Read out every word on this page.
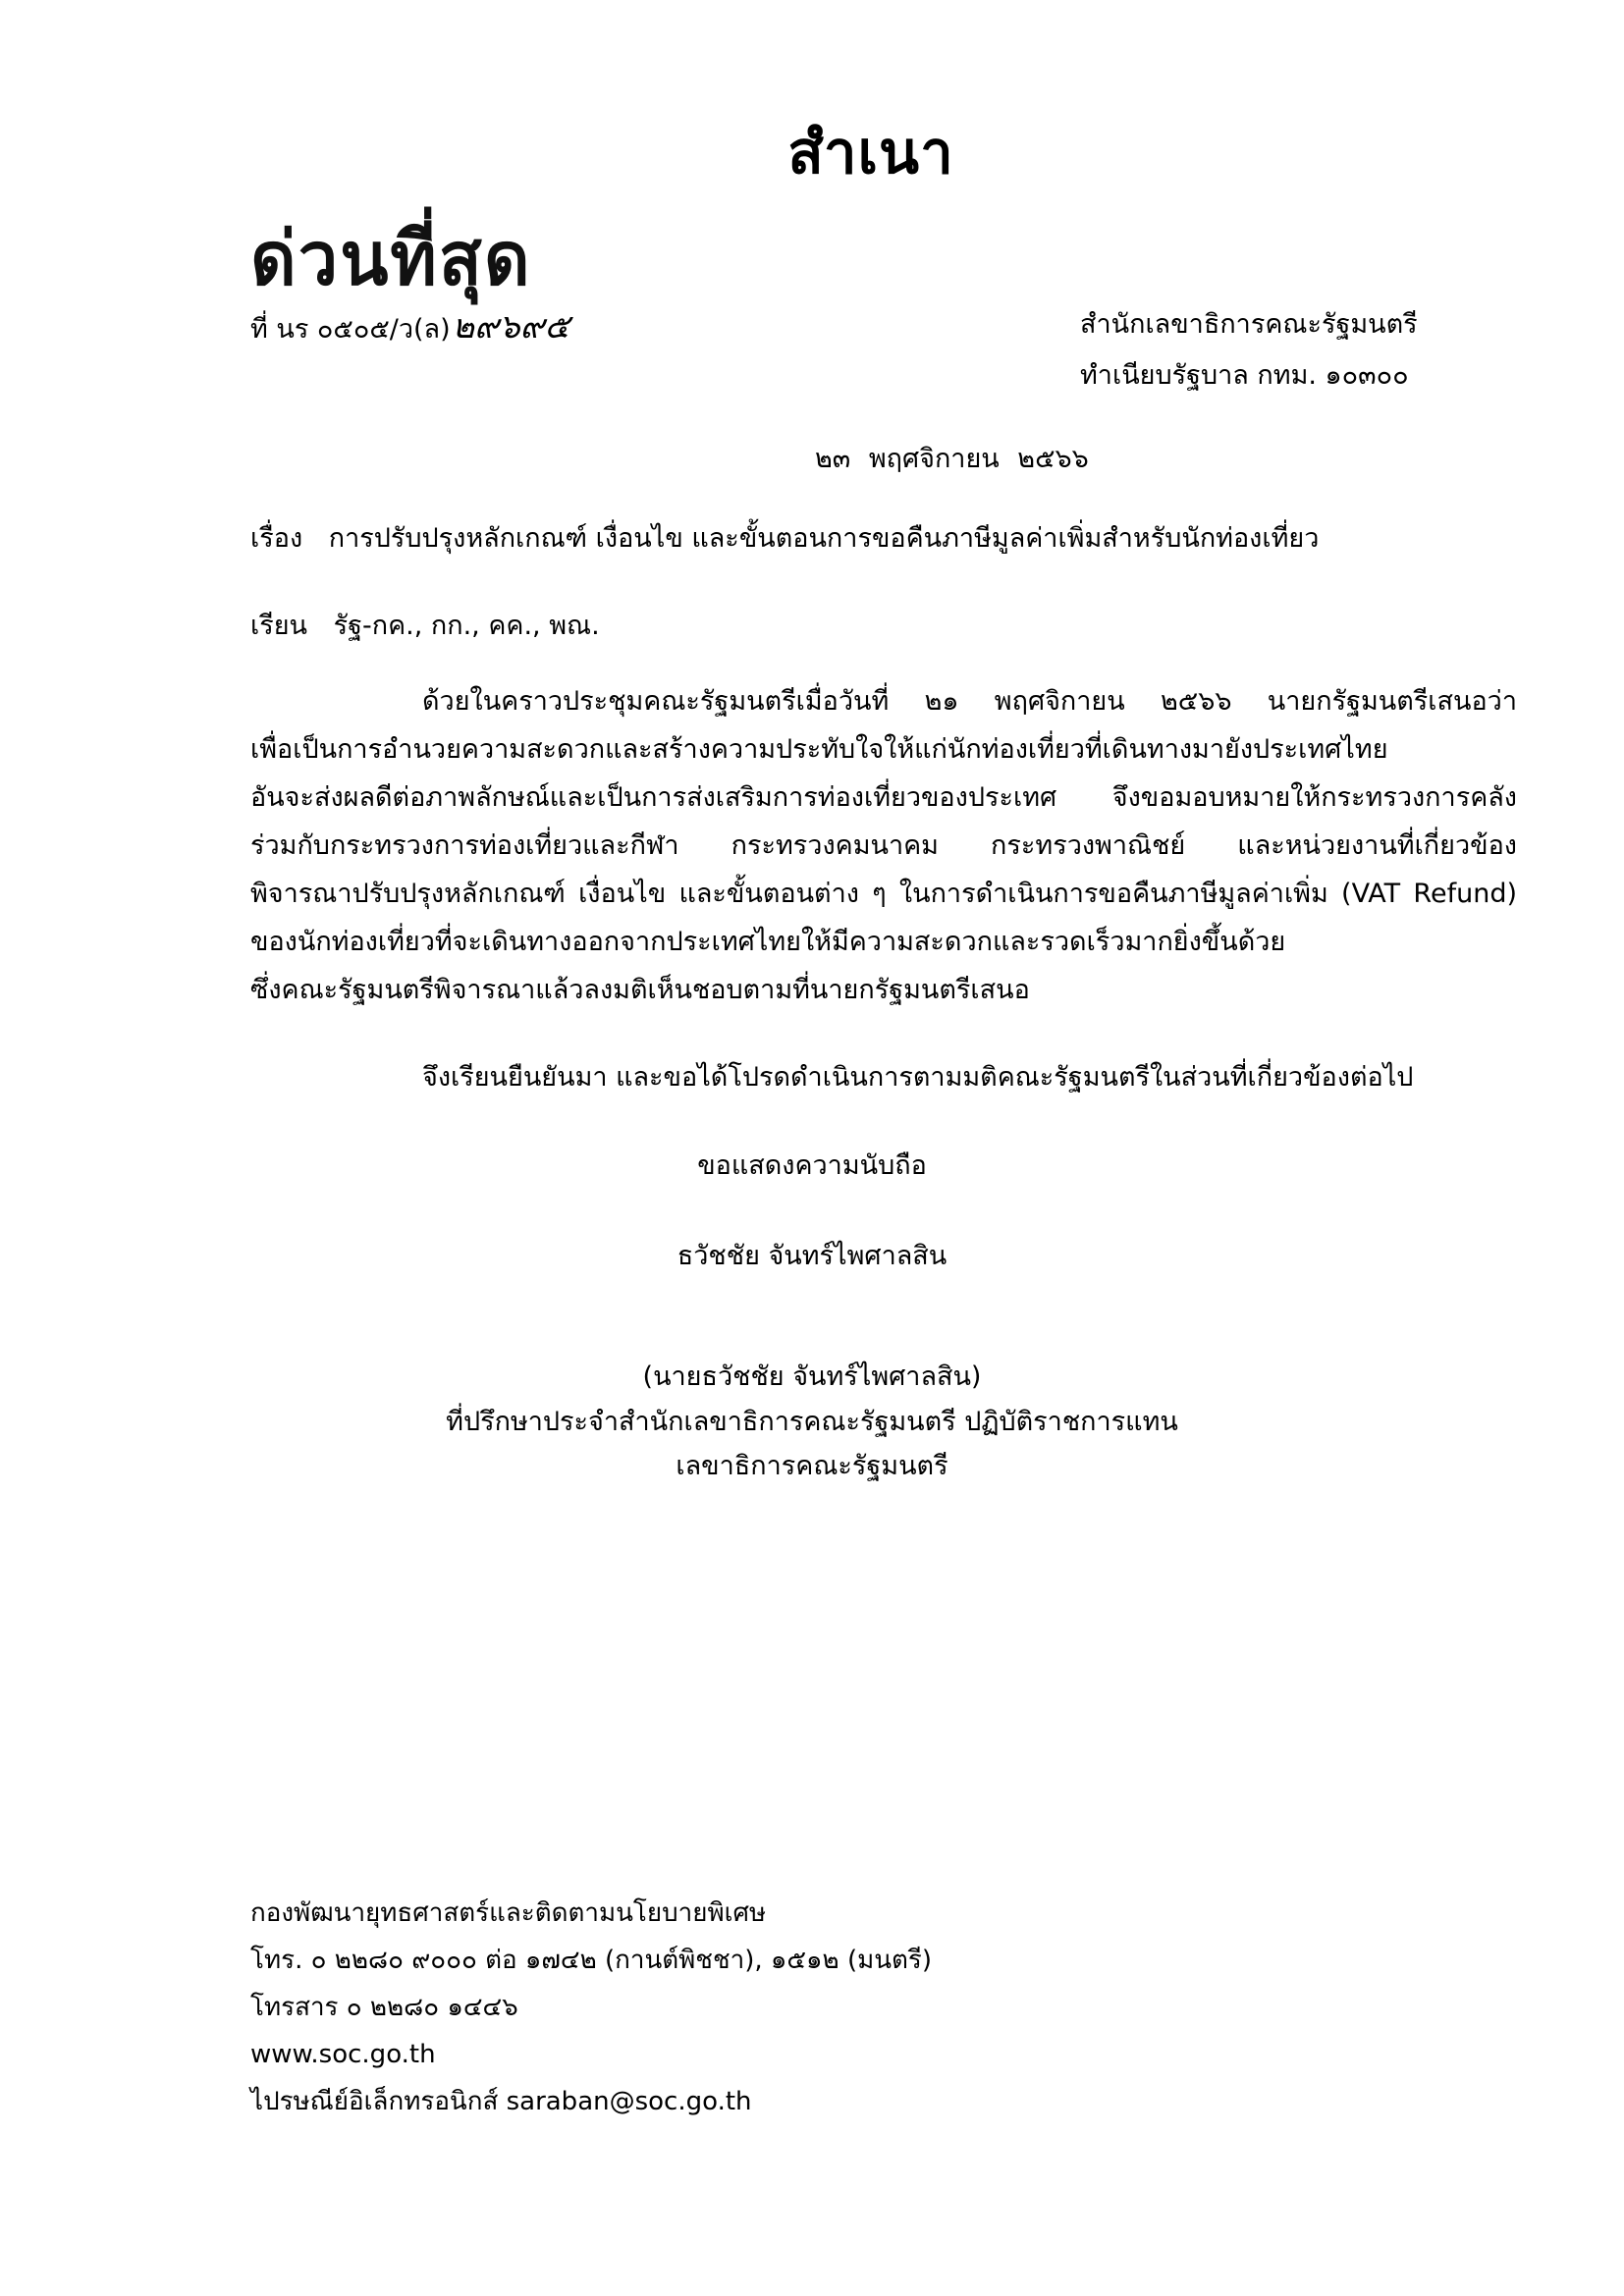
สำเนา
ด่วนที่สุด
ที่ นร ๐๕๐๕/ว(ล)๒๙๖๙๕	สำนักเลขาธิการคณะรัฐมนตรี
ทำเนียบรัฐบาล กทม. ๑๐๓๐๐
๒๓ พฤศจิกายน ๒๕๖๖
เรื่อง การปรับปรุงหลักเกณฑ์ เงื่อนไข และขั้นตอนการขอคืนภาษีมูลค่าเพิ่มสำหรับนักท่องเที่ยว
เรียน รัฐ-กค., กก., คค., พณ.
ด้วยในคราวประชุมคณะรัฐมนตรีเมื่อวันที่ ๒๑ พฤศจิกายน ๒๕๖๖ นายกรัฐมนตรีเสนอว่า
เพื่อเป็นการอำนวยความสะดวกและสร้างความประทับใจให้แก่นักท่องเที่ยวที่เดินทางมายังประเทศไทย
อันจะส่งผลดีต่อภาพลักษณ์และเป็นการส่งเสริมการท่องเที่ยวของประเทศ จึงขอมอบหมายให้กระทรวงการคลัง
ร่วมกับกระทรวงการท่องเที่ยวและกีฬา กระทรวงคมนาคม กระทรวงพาณิชย์ และหน่วยงานที่เกี่ยวข้อง
พิจารณาปรับปรุงหลักเกณฑ์ เงื่อนไข และขั้นตอนต่าง ๆ ในการดำเนินการขอคืนภาษีมูลค่าเพิ่ม (VAT Refund)
ของนักท่องเที่ยวที่จะเดินทางออกจากประเทศไทยให้มีความสะดวกและรวดเร็วมากยิ่งขึ้นด้วย
ซึ่งคณะรัฐมนตรีพิจารณาแล้วลงมติเห็นชอบตามที่นายกรัฐมนตรีเสนอ
จึงเรียนยืนยันมา และขอได้โปรดดำเนินการตามมติคณะรัฐมนตรีในส่วนที่เกี่ยวข้องต่อไป
ขอแสดงความนับถือ
ธวัชชัย จันทร์ไพศาลสิน
(นายธวัชชัย จันทร์ไพศาลสิน)
ที่ปรึกษาประจำสำนักเลขาธิการคณะรัฐมนตรี ปฏิบัติราชการแทน
เลขาธิการคณะรัฐมนตรี
กองพัฒนายุทธศาสตร์และติดตามนโยบายพิเศษ
โทร. ๐ ๒๒๘๐ ๙๐๐๐ ต่อ ๑๗๔๒ (กานต์พิชชา), ๑๕๑๒ (มนตรี)
โทรสาร ๐ ๒๒๘๐ ๑๔๔๖
www.soc.go.th
ไปรษณีย์อิเล็กทรอนิกส์ saraban@soc.go.th
